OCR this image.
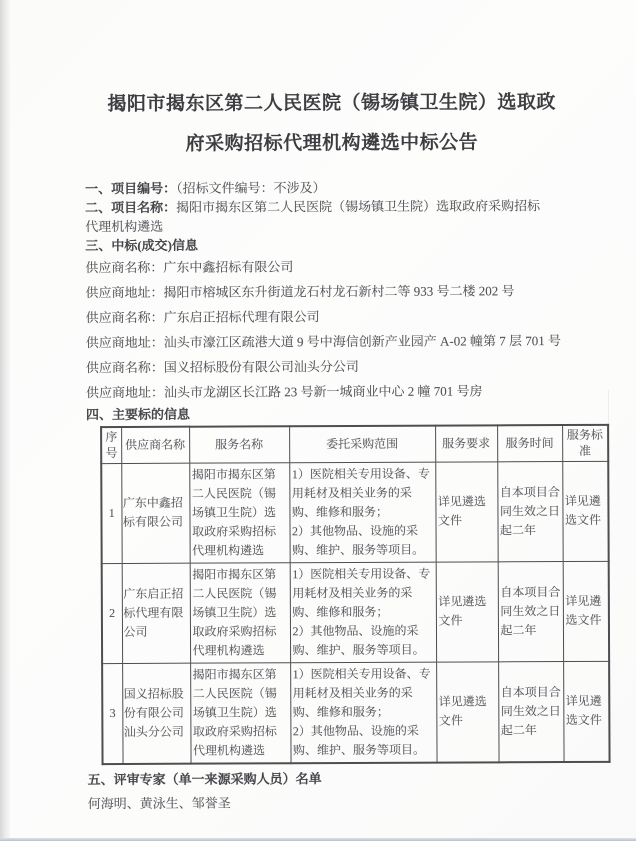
揭阳市揭东区第二人民医院（锡场镇卫生院）选取政
府采购招标代理机构遴选中标公告

一、项目编号：（招标文件编号：不涉及）

二、项目名称：揭阳市揭东区第二人民医院（锡场镇卫生院）选取政府采购招标代理机构遴选

三、中标(成交)信息

供应商名称：广东中鑫招标有限公司

供应商地址：揭阳市榕城区东升街道龙石村龙石新村二等 933 号二楼 202 号

供应商名称：广东启正招标代理有限公司

供应商地址：汕头市濠江区疏港大道 9 号中海信创新产业园产 A-02 幢第 7 层 701 号

供应商名称：国义招标股份有限公司汕头分公司

供应商地址：汕头市龙湖区长江路 23 号新一城商业中心 2 幢 701 号房

四、主要标的信息

序号	供应商名称	服务名称	委托采购范围	服务要求	服务时间	服务标准
1	广东中鑫招标有限公司	揭阳市揭东区第二人民医院（锡场镇卫生院）选取政府采购招标代理机构遴选	1）医院相关专用设备、专用耗材及相关业务的采购、维修和服务；
2）其他物品、设施的采购、维护、服务等项目。	详见遴选文件	自本项目合同生效之日起二年	详见遴选文件
2	广东启正招标代理有限公司	揭阳市揭东区第二人民医院（锡场镇卫生院）选取政府采购招标代理机构遴选	1）医院相关专用设备、专用耗材及相关业务的采购、维修和服务；
2）其他物品、设施的采购、维护、服务等项目。	详见遴选文件	自本项目合同生效之日起二年	详见遴选文件
3	国义招标股份有限公司汕头分公司	揭阳市揭东区第二人民医院（锡场镇卫生院）选取政府采购招标代理机构遴选	1）医院相关专用设备、专用耗材及相关业务的采购、维修和服务；
2）其他物品、设施的采购、维护、服务等项目。	详见遴选文件	自本项目合同生效之日起二年	详见遴选文件

五、评审专家（单一来源采购人员）名单

何海明、黄泳生、邹誉圣
